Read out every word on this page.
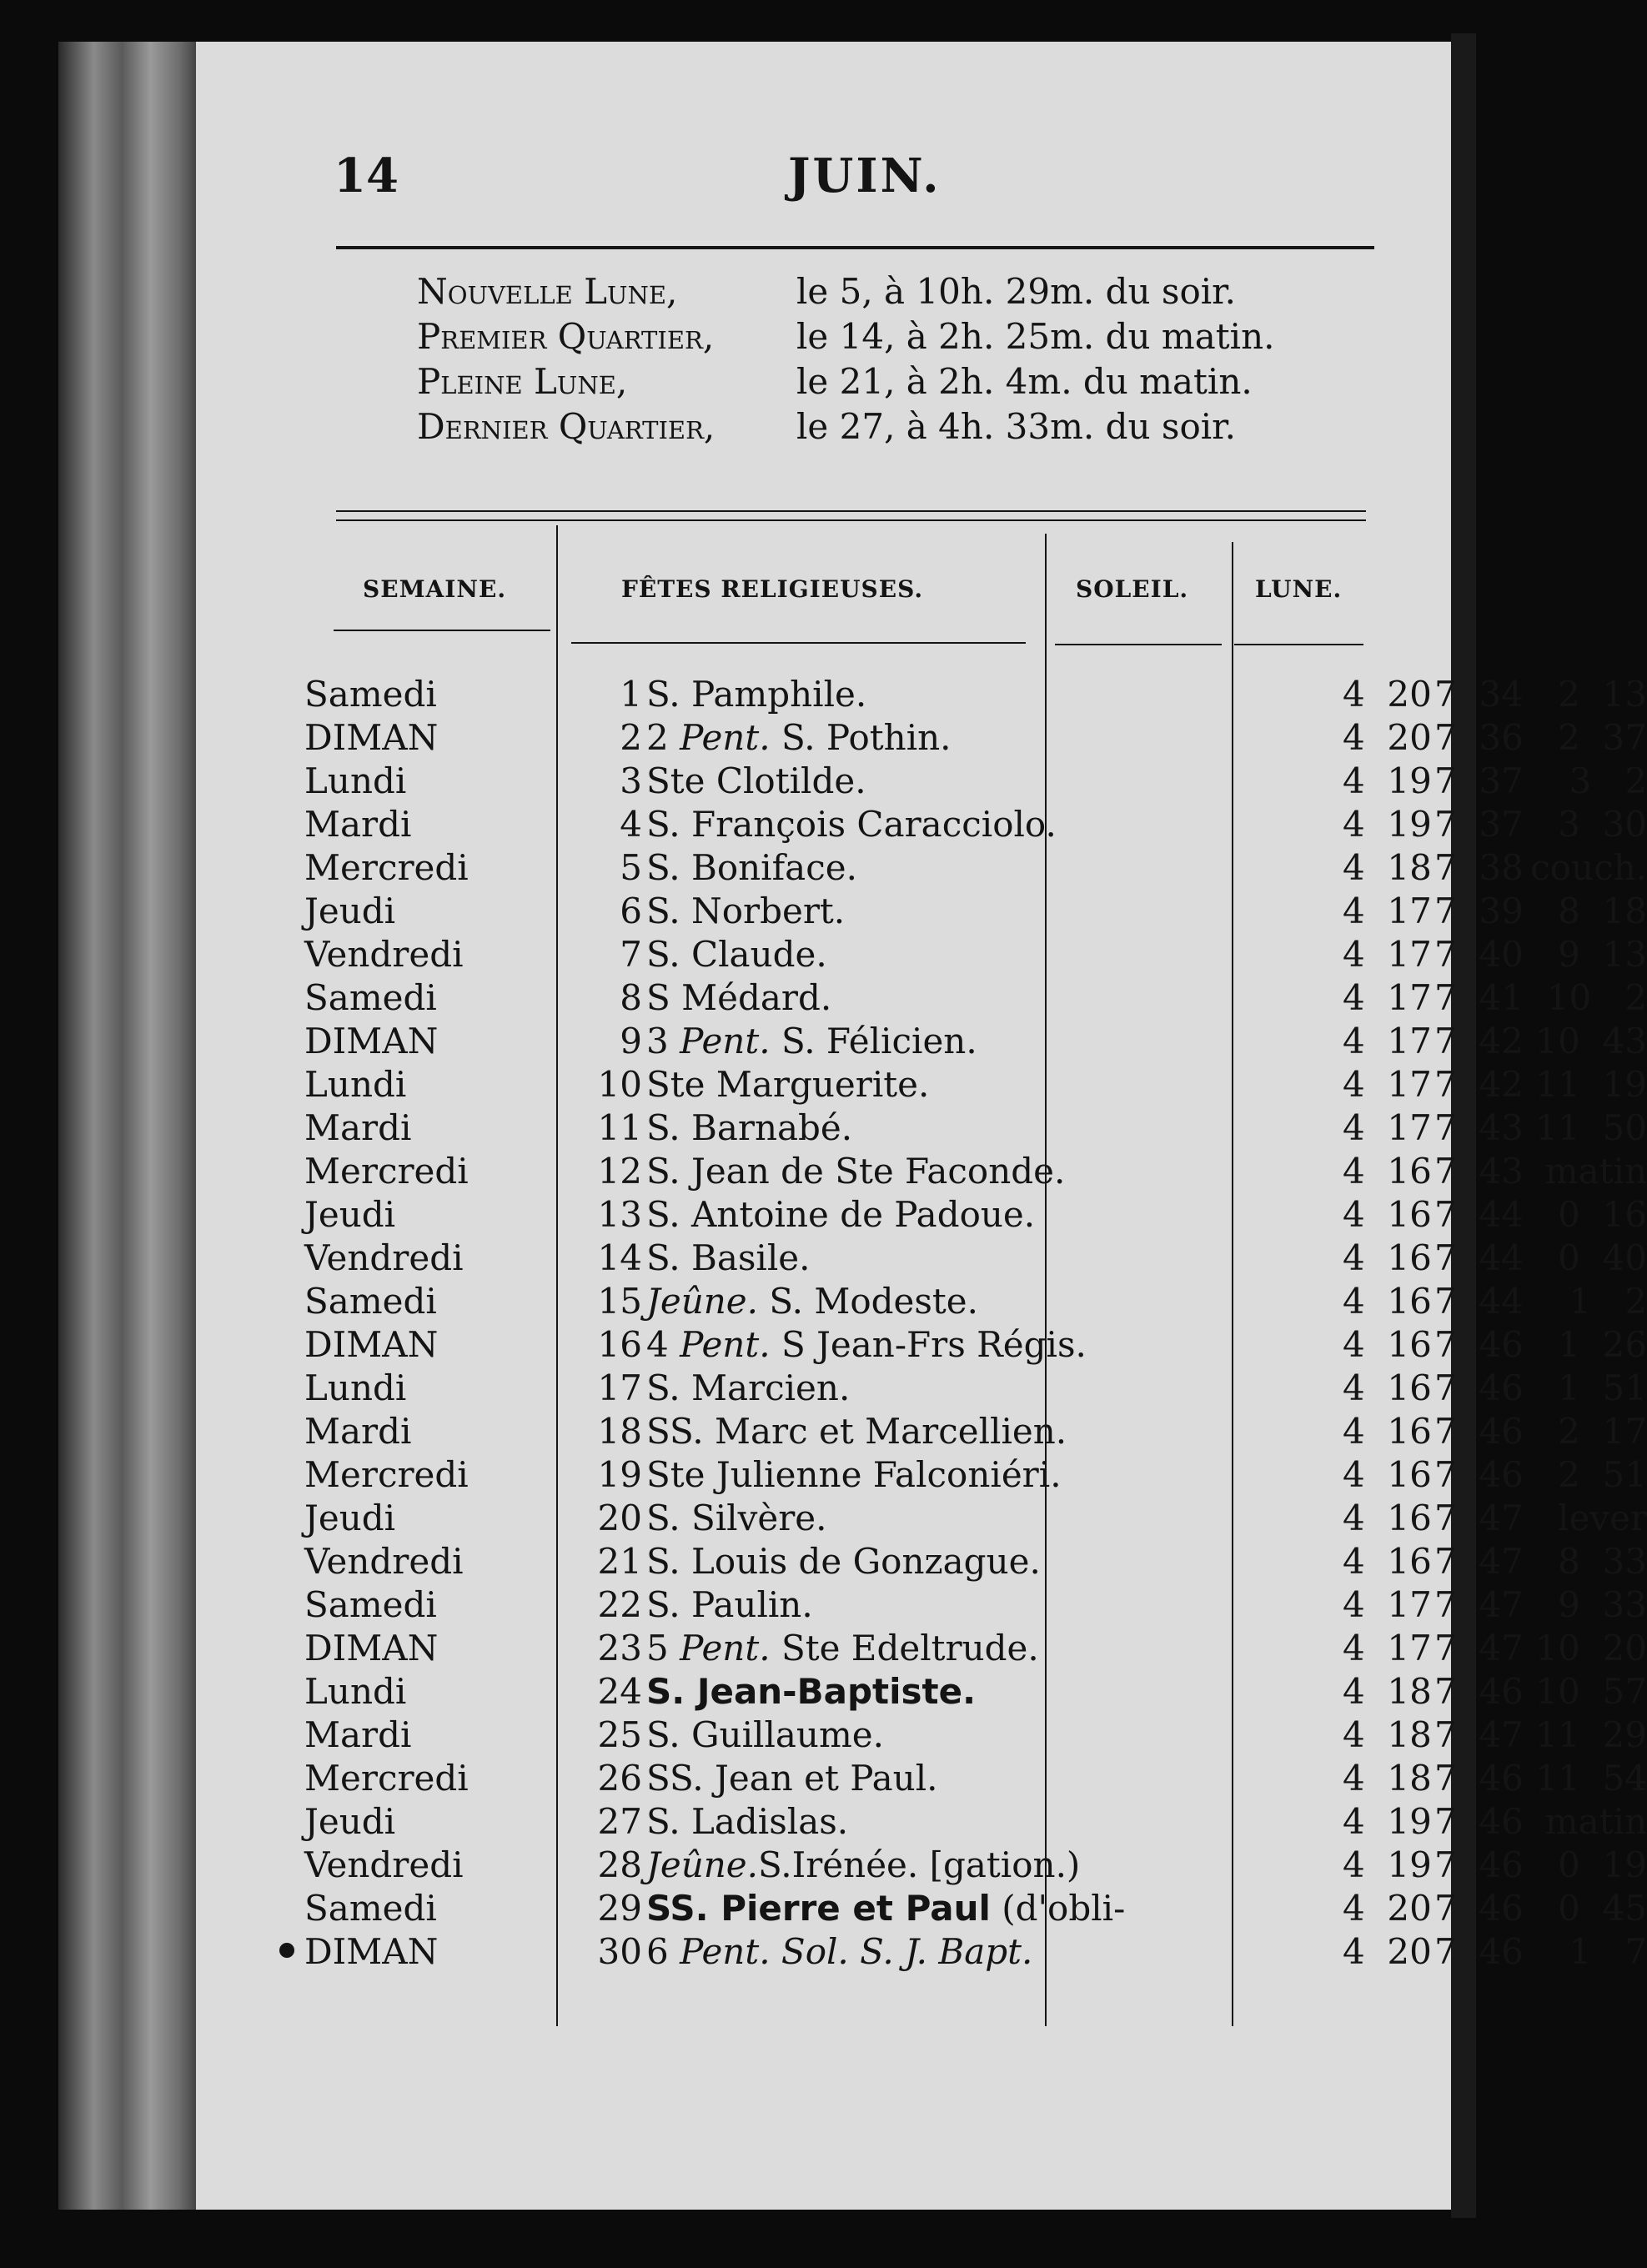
14	JUIN.
Nouvelle Lune,	le 5, à 10h. 29m. du soir.
Premier Quartier, le 14, à 2h. 25m. du matin.
Pleine Lune,	le 21, à 2h. 4m. du matin.
Dernier Quartier, le 27, à 4h. 33m. du soir.
SEMAINE.	FÊTES RELIGIEUSES.	SOLEIL.	LUNE.
Samedi	1 S. Pamphile.	4  20 7  34 2  13
DIMAN	2 2 Pent. S. Pothin.	4  20 7  36 2  37
Lundi	3 Ste Clotilde.	4  19 7  37	3   2
Mardi	4 S. François Caracciolo.	4  19 7  37 3  30
Mercredi	5 S. Boniface.	4  18 7  38 couch.
Jeudi	6 S. Norbert.	4  17 7  39 8  18
Vendredi	7 S. Claude.	4  17 7  40 9  13
Samedi	8 S Médard.	4  17 7  41 10   2
DIMAN	9 3 Pent. S. Félicien.	4  17 7  42 10  43
Lundi	10 Ste Marguerite.	4  17 7  42 11  19
Mardi	11 S. Barnabé.	4  17 7  43 11  50
Mercredi	12 S. Jean de Ste Faconde.	4  16 7  43 matin
Jeudi	13 S. Antoine de Padoue.	4  16 7  44 0  16
Vendredi	14 S. Basile.	4  16 7  44 0  40
Samedi	15 Jeûne. S. Modeste.	4  16 7  44	1   2
DIMAN	16 4 Pent. S Jean-Frs Régis.	4  16 7  46 1  26
Lundi	17 S. Marcien.	4  16 7  46 1  51
Mardi	18 SS. Marc et Marcellien.	4  16 7  46 2  17
Mercredi	19 Ste Julienne Falconiéri.	4  16 7  46 2  51
Jeudi	20 S. Silvère.	4  16 7  47 lever
Vendredi	21 S. Louis de Gonzague.	4  16 7  47 8  33
Samedi	22 S. Paulin.	4  17 7  47 9  33
DIMAN	23 5 Pent. Ste Edeltrude.	4  17 7  47 10  20
Lundi	24 S. Jean-Baptiste.	4  18 7  46 10  57
Mardi	25 S. Guillaume.	4  18 7  47 11  29
Mercredi	26 SS. Jean et Paul.	4  18 7  46 11  54
Jeudi	27 S. Ladislas.	4  19 7  46 matin
Vendredi	28 Jeûne.S.Irénée. [gation.)	4  19 7  46 0  19
Samedi	29 SS. Pierre et Paul (d'obli-	4  20 7  46 0  45
DIMAN	30 6 Pent. Sol. S. J. Bapt.	4  20 7  46	1   7
